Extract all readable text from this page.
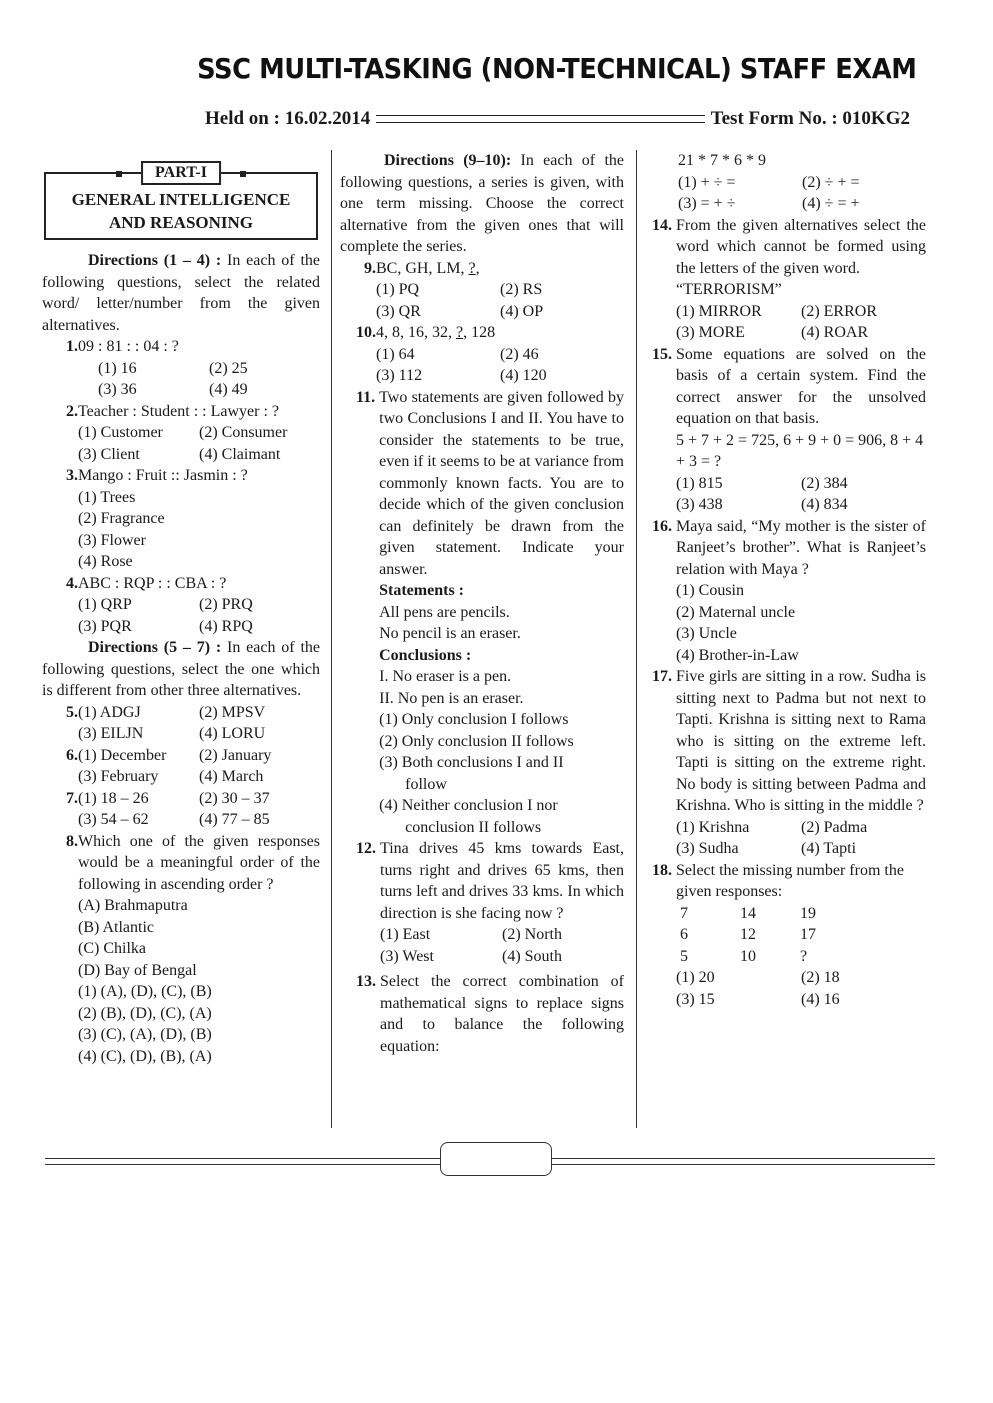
SSC MULTI-TASKING (NON-TECHNICAL) STAFF EXAM
Held on : 16.02.2014	Test Form No. : 010KG2
PART-I
GENERAL INTELLIGENCE
AND REASONING

Directions (1 – 4) : In each of the following questions, select the related word/ letter/number from the given alternatives.

1. 09 : 81 : : 04 : ?
(1) 16	(2) 25
(3) 36	(4) 49
2. Teacher : Student : : Lawyer : ?
(1) Customer	(2) Consumer
(3) Client	(4) Claimant
3. Mango : Fruit :: Jasmin : ?
(1) Trees
(2) Fragrance
(3) Flower
(4) Rose
4. ABC : RQP : : CBA : ?
(1) QRP	(2) PRQ
(3) PQR	(4) RPQ

Directions (5 – 7) : In each of the following questions, select the one which is different from other three alternatives.

5. (1) ADGJ	(2) MPSV
(3) EILJN	(4) LORU
6. (1) December	(2) January
(3) February	(4) March
7. (1) 18 – 26	(2) 30 – 37
(3) 54 – 62	(4) 77 – 85
8. Which one of the given responses would be a meaningful order of the following in ascending order ?
(A) Brahmaputra
(B) Atlantic
(C) Chilka
(D) Bay of Bengal
(1) (A), (D), (C), (B)
(2) (B), (D), (C), (A)
(3) (C), (A), (D), (B)
(4) (C), (D), (B), (A)

Directions (9–10): In each of the following questions, a series is given, with one term missing. Choose the correct alternative from the given ones that will complete the series.

9. BC, GH, LM, ?,
(1) PQ	(2) RS
(3) QR	(4) OP
10. 4, 8, 16, 32, ?, 128
(1) 64	(2) 46
(3) 112	(4) 120
11. Two statements are given followed by two Conclusions I and II. You have to consider the statements to be true, even if it seems to be at variance from commonly known facts. You are to decide which of the given conclusion can definitely be drawn from the given statement. Indicate your answer.
Statements :
All pens are pencils.
No pencil is an eraser.
Conclusions :
I. No eraser is a pen.
II. No pen is an eraser.
(1) Only conclusion I follows
(2) Only conclusion II follows
(3) Both conclusions I and II
follow
(4) Neither conclusion I nor
conclusion II follows
12. Tina drives 45 kms towards East, turns right and drives 65 kms, then turns left and drives 33 kms. In which direction is she facing now ?
(1) East	(2) North
(3) West	(4) South
13. Select the correct combination of mathematical signs to replace signs and to balance the following equation:
21 * 7 * 6 * 9
(1) + ÷ =	(2) ÷ + =
(3) = + ÷	(4) ÷ = +
14. From the given alternatives select the word which cannot be formed using the letters of the given word.
“TERRORISM”
(1) MIRROR	(2) ERROR
(3) MORE	(4) ROAR
15. Some equations are solved on the basis of a certain system. Find the correct answer for the unsolved equation on that basis.
5 + 7 + 2 = 725, 6 + 9 + 0 = 906, 8 + 4 + 3 = ?
(1) 815	(2) 384
(3) 438	(4) 834
16. Maya said, “My mother is the sister of Ranjeet’s brother”. What is Ranjeet’s relation with Maya ?
(1) Cousin
(2) Maternal uncle
(3) Uncle
(4) Brother-in-Law
17. Five girls are sitting in a row. Sudha is sitting next to Padma but not next to Tapti. Krishna is sitting next to Rama who is sitting on the extreme left. Tapti is sitting on the extreme right. No body is sitting between Padma and Krishna. Who is sitting in the middle ?
(1) Krishna	(2) Padma
(3) Sudha	(4) Tapti
18. Select the missing number from the given responses:
7	14	19
6	12	17
5	10	?
(1) 20	(2) 18
(3) 15	(4) 16
